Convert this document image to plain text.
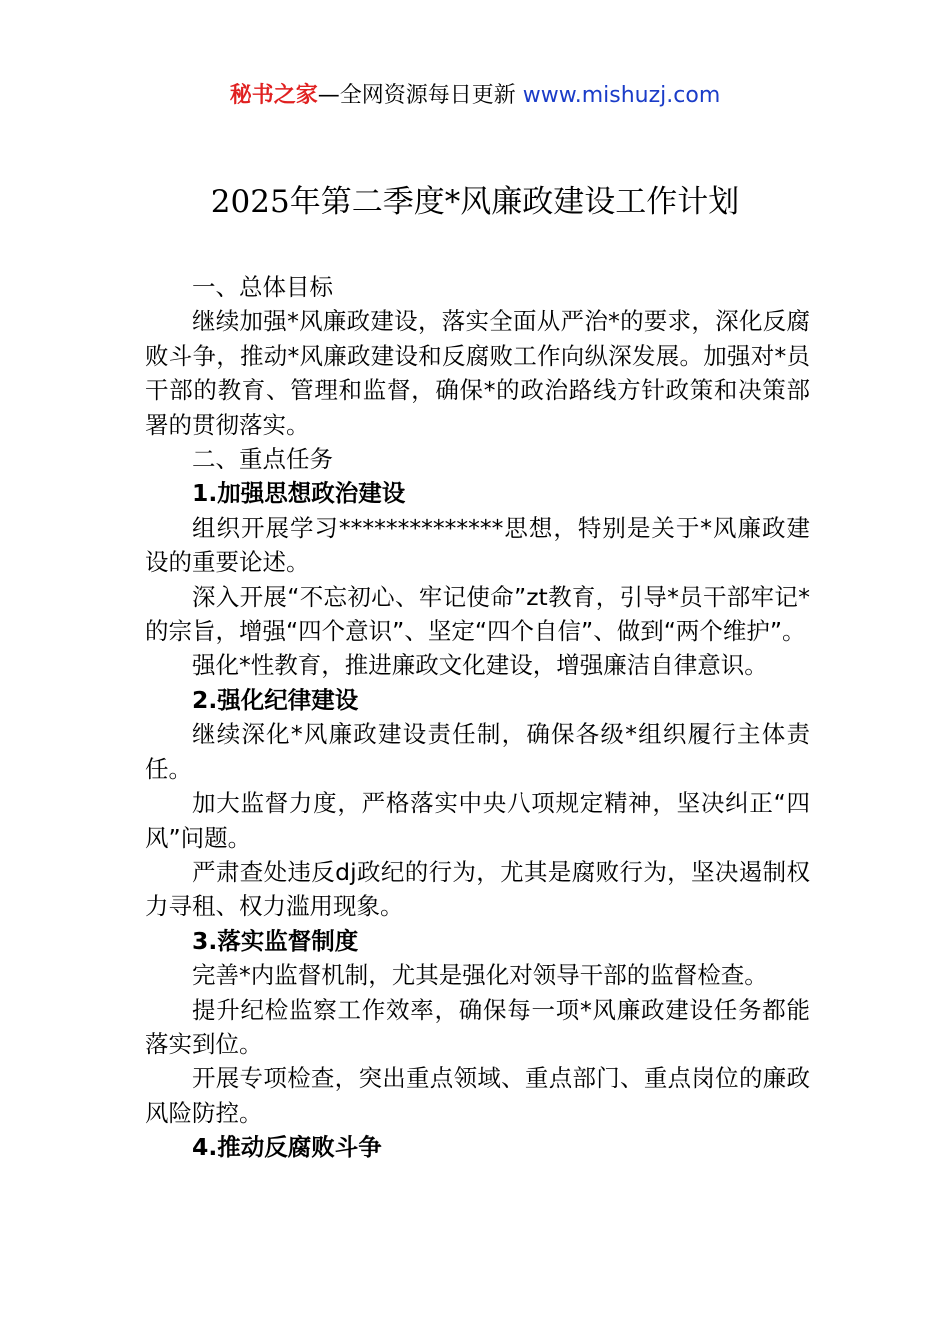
秘书之家—全网资源每日更新 www.mishuzj.com
2025年第二季度*风廉政建设工作计划
一、总体目标
继续加强*风廉政建设，落实全面从严治*的要求，深化反腐败斗争，推动*风廉政建设和反腐败工作向纵深发展。加强对*员干部的教育、管理和监督，确保*的政治路线方针政策和决策部署的贯彻落实。
二、重点任务
1.加强思想政治建设
组织开展学习**************思想，特别是关于*风廉政建设的重要论述。
深入开展“不忘初心、牢记使命”zt教育，引导*员干部牢记*的宗旨，增强“四个意识”、坚定“四个自信”、做到“两个维护”。
强化*性教育，推进廉政文化建设，增强廉洁自律意识。
2.强化纪律建设
继续深化*风廉政建设责任制，确保各级*组织履行主体责任。
加大监督力度，严格落实中央八项规定精神，坚决纠正“四风”问题。
严肃查处违反dj政纪的行为，尤其是腐败行为，坚决遏制权力寻租、权力滥用现象。
3.落实监督制度
完善*内监督机制，尤其是强化对领导干部的监督检查。
提升纪检监察工作效率，确保每一项*风廉政建设任务都能落实到位。
开展专项检查，突出重点领域、重点部门、重点岗位的廉政风险防控。
4.推动反腐败斗争
